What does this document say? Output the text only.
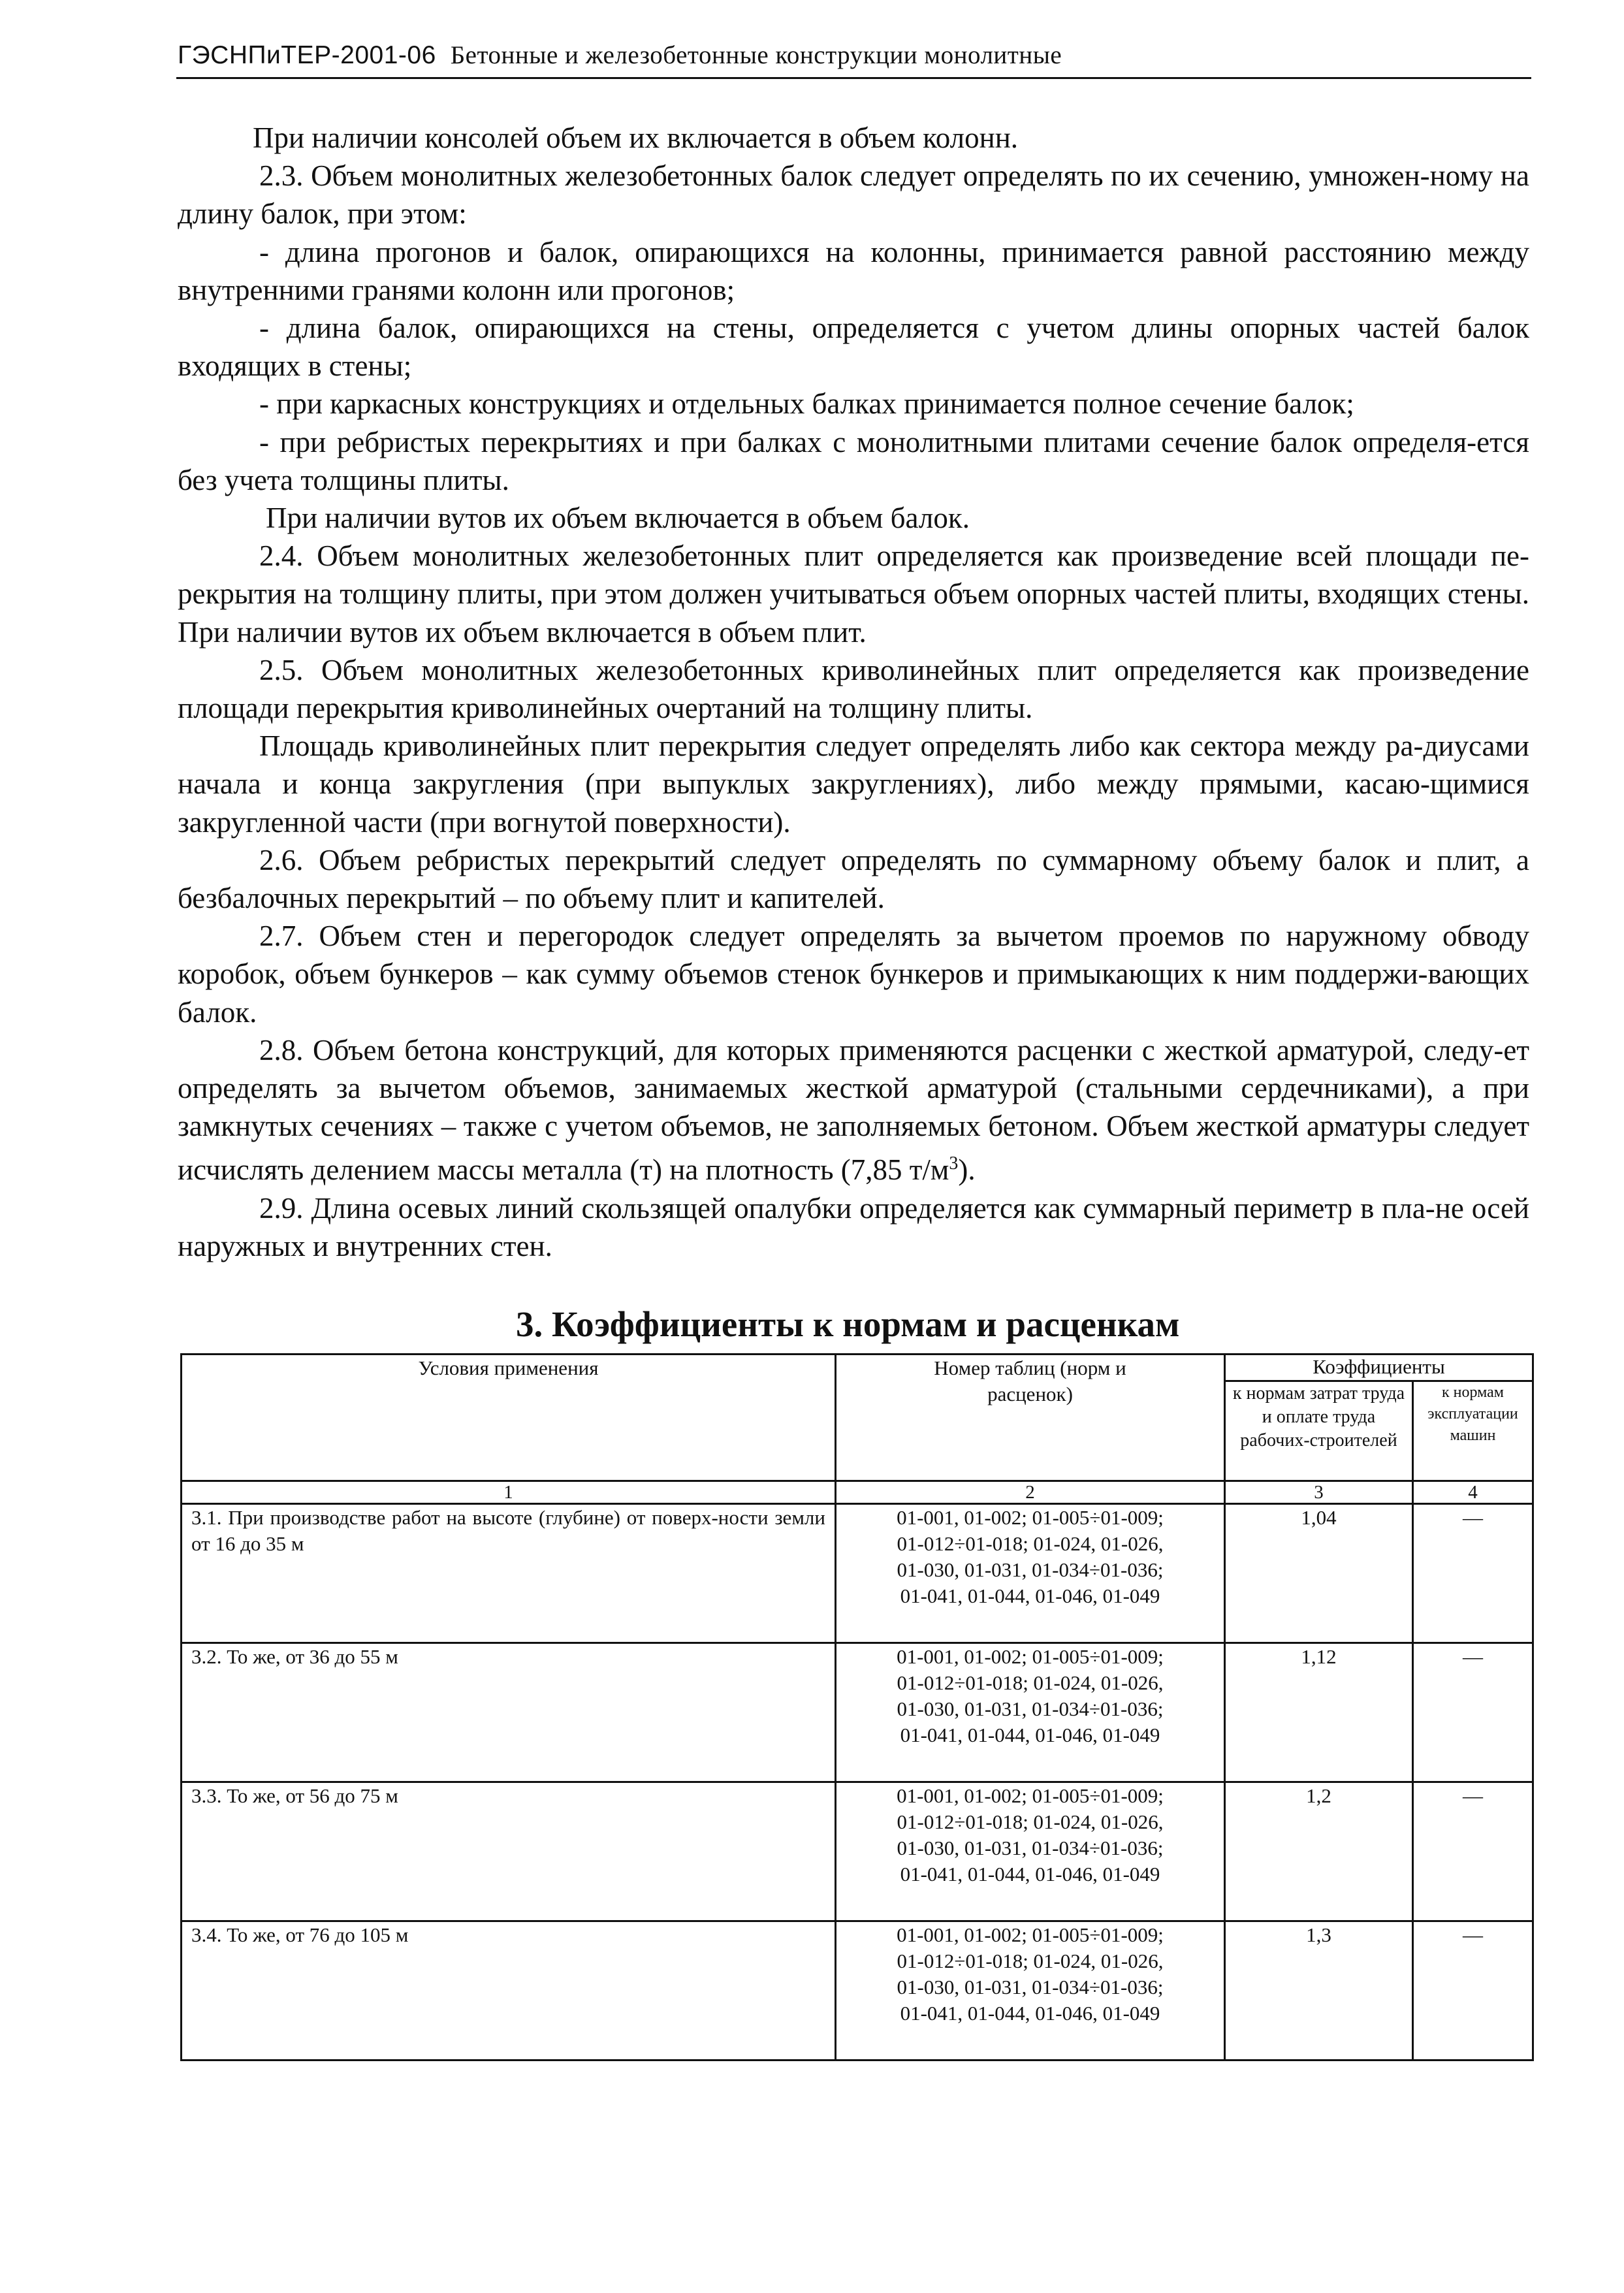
ГЭСНПиТЕР-2001-06 Бетонные и железобетонные конструкции монолитные

При наличии консолей объем их включается в объем колонн.

2.3. Объем монолитных железобетонных балок следует определять по их сечению, умножен-ному на длину балок, при этом:

- длина прогонов и балок, опирающихся на колонны, принимается равной расстоянию между внутренними гранями колонн или прогонов;

- длина балок, опирающихся на стены, определяется с учетом длины опорных частей балок входящих в стены;

- при каркасных конструкциях и отдельных балках принимается полное сечение балок;

- при ребристых перекрытиях и при балках с монолитными плитами сечение балок определя-ется без учета толщины плиты.

При наличии вутов их объем включается в объем балок.

2.4. Объем монолитных железобетонных плит определяется как произведение всей площади пе-рекрытия на толщину плиты, при этом должен учитываться объем опорных частей плиты, входящих стены. При наличии вутов их объем включается в объем плит.

2.5. Объем монолитных железобетонных криволинейных плит определяется как произведение площади перекрытия криволинейных очертаний на толщину плиты.

Площадь криволинейных плит перекрытия следует определять либо как сектора между ра-диусами начала и конца закругления (при выпуклых закруглениях), либо между прямыми, касаю-щимися закругленной части (при вогнутой поверхности).

2.6. Объем ребристых перекрытий следует определять по суммарному объему балок и плит, а безбалочных перекрытий – по объему плит и капителей.

2.7. Объем стен и перегородок следует определять за вычетом проемов по наружному обводу коробок, объем бункеров – как сумму объемов стенок бункеров и примыкающих к ним поддержи-вающих балок.

2.8. Объем бетона конструкций, для которых применяются расценки с жесткой арматурой, следу-ет определять за вычетом объемов, занимаемых жесткой арматурой (стальными сердечниками), а при замкнутых сечениях – также с учетом объемов, не заполняемых бетоном. Объем жесткой арматуры следует исчислять делением массы металла (т) на плотность (7,85 $т/м^3$).

2.9. Длина осевых линий скользящей опалубки определяется как суммарный периметр в пла-не осей наружных и внутренних стен.

3. Коэффициенты к нормам и расценкам
Условия применения	Номер таблиц (норм и расценок)	Коэффициенты	
		к нормам затрат труда и оплате труда рабочих-строителей	к нормам эксплуатации машин
1	2	3	4
3.1. При производстве работ на высоте (глубине) от поверх-ности земли от 16 до 35 м	01-001, 01-002; 01-005÷01-009;
01-012÷01-018; 01-024, 01-026,
01-030, 01-031, 01-034÷01-036;
01-041, 01-044, 01-046, 01-049	1,04	—
3.2. То же, от 36 до 55 м	01-001, 01-002; 01-005÷01-009;
01-012÷01-018; 01-024, 01-026,
01-030, 01-031, 01-034÷01-036;
01-041, 01-044, 01-046, 01-049	1,12	—
3.3. То же, от 56 до 75 м	01-001, 01-002; 01-005÷01-009;
01-012÷01-018; 01-024, 01-026,
01-030, 01-031, 01-034÷01-036;
01-041, 01-044, 01-046, 01-049	1,2	—
3.4. То же, от 76 до 105 м	01-001, 01-002; 01-005÷01-009;
01-012÷01-018; 01-024, 01-026,
01-030, 01-031, 01-034÷01-036;
01-041, 01-044, 01-046, 01-049	1,3	—
